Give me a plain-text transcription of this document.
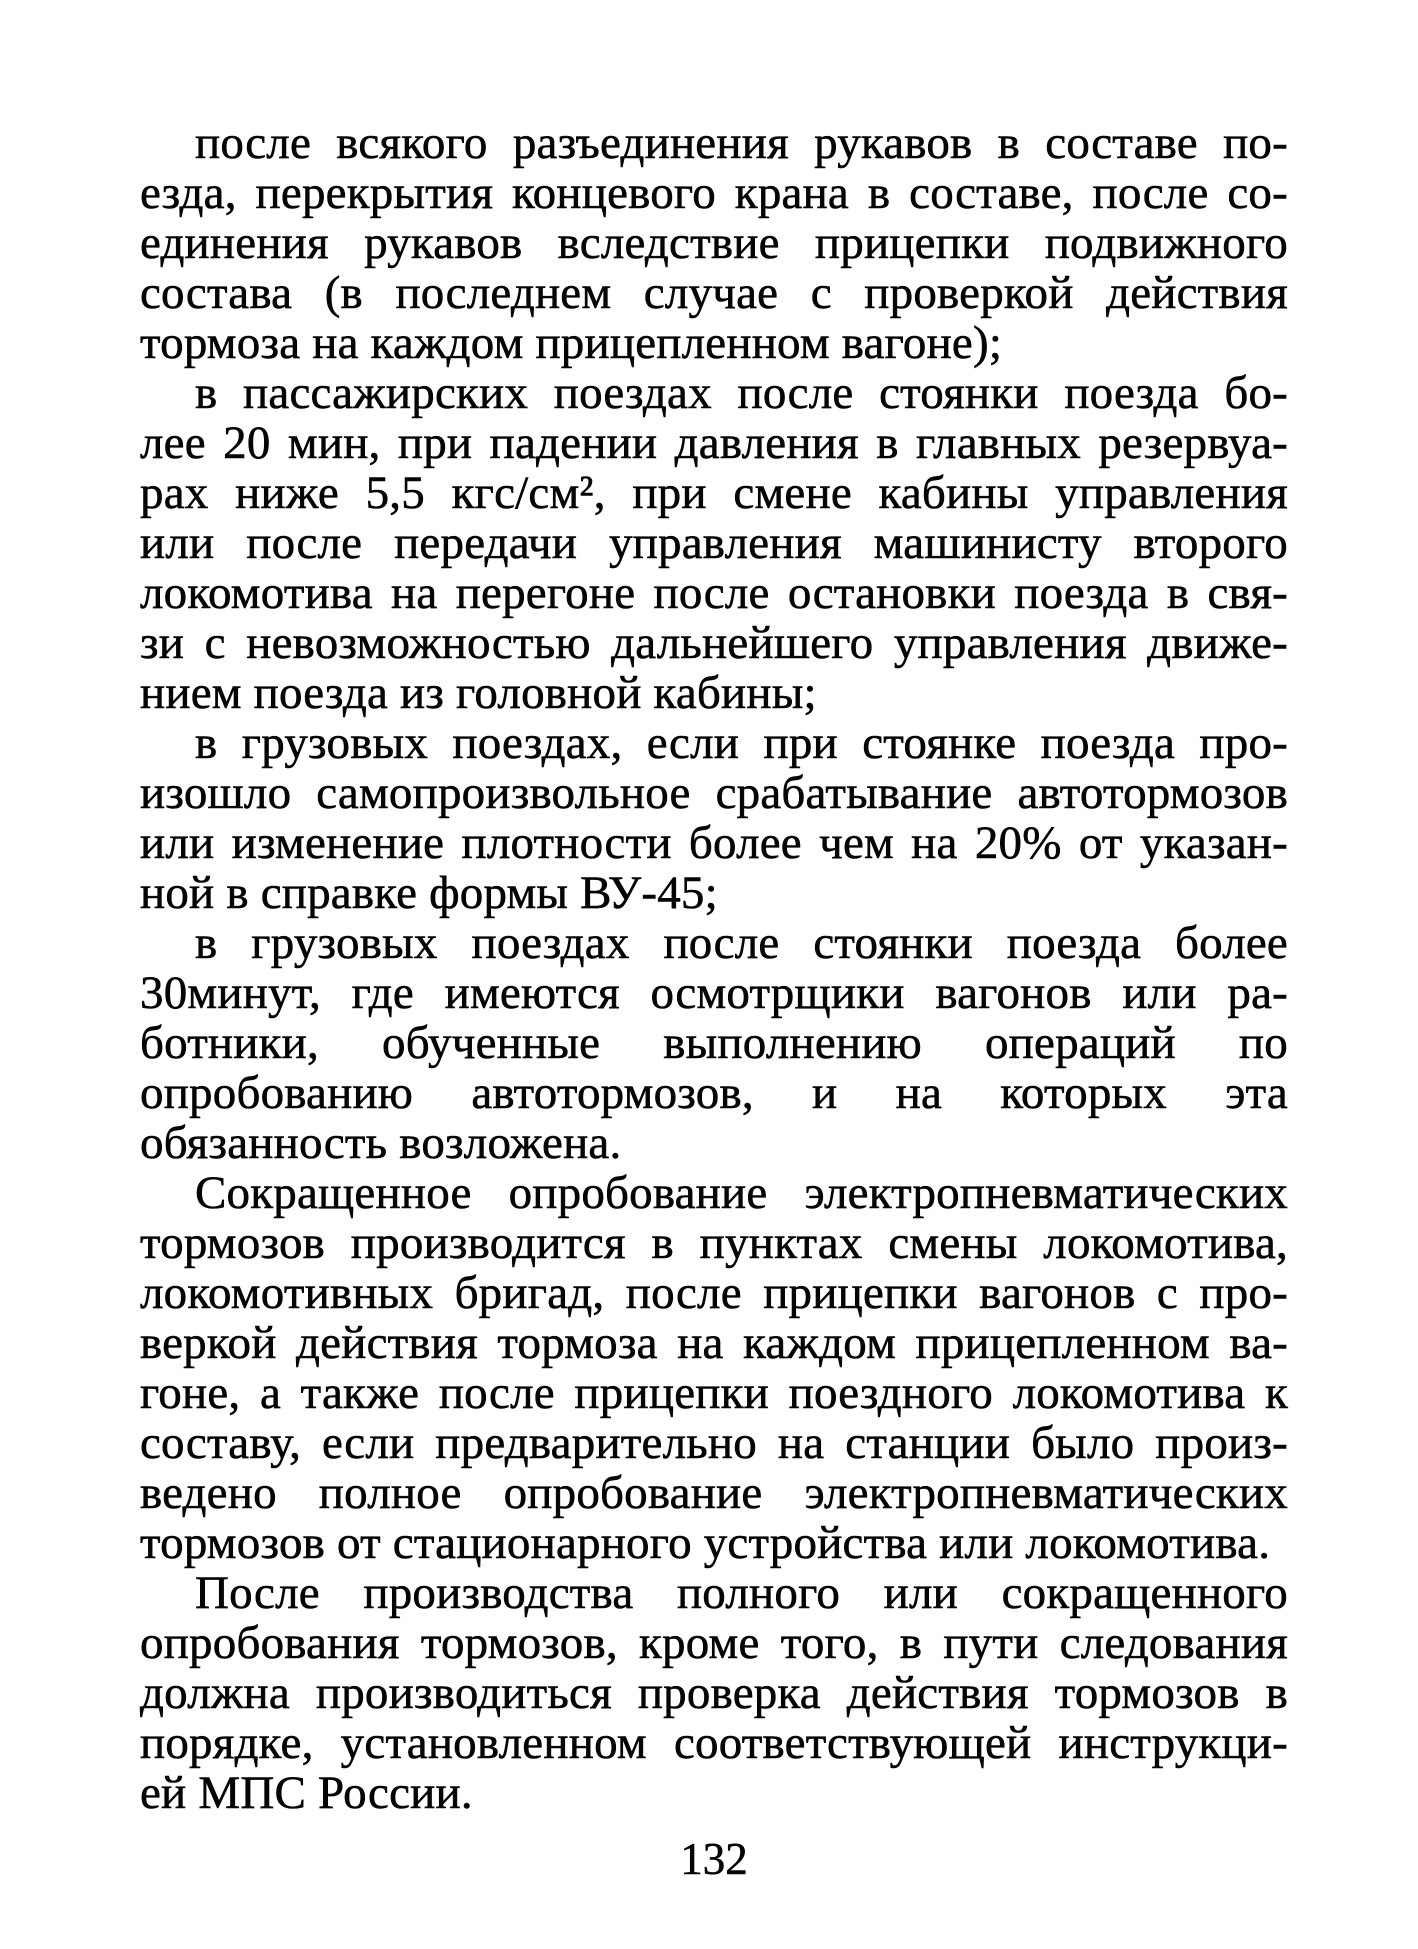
после всякого разъединения рукавов в составе по-
езда, перекрытия концевого крана в составе, после со-
единения рукавов вследствие прицепки подвижного
состава (в последнем случае с проверкой действия
тормоза на каждом прицепленном вагоне);
в пассажирских поездах после стоянки поезда бо-
лее 20 мин, при падении давления в главных резервуа-
рах ниже 5,5 кгс/см², при смене кабины управления
или после передачи управления машинисту второго
локомотива на перегоне после остановки поезда в свя-
зи с невозможностью дальнейшего управления движе-
нием поезда из головной кабины;
в грузовых поездах, если при стоянке поезда про-
изошло самопроизвольное срабатывание автотормозов
или изменение плотности более чем на 20% от указан-
ной в справке формы ВУ-45;
в грузовых поездах после стоянки поезда более
30минут, где имеются осмотрщики вагонов или ра-
ботники, обученные выполнению операций по
опробованию автотормозов, и на которых эта
обязанность возложена.
Сокращенное опробование электропневматических
тормозов производится в пунктах смены локомотива,
локомотивных бригад, после прицепки вагонов с про-
веркой действия тормоза на каждом прицепленном ва-
гоне, а также после прицепки поездного локомотива к
составу, если предварительно на станции было произ-
ведено полное опробование электропневматических
тормозов от стационарного устройства или локомотива.
После производства полного или сокращенного
опробования тормозов, кроме того, в пути следования
должна производиться проверка действия тормозов в
порядке, установленном соответствующей инструкци-
ей МПС России.
132
